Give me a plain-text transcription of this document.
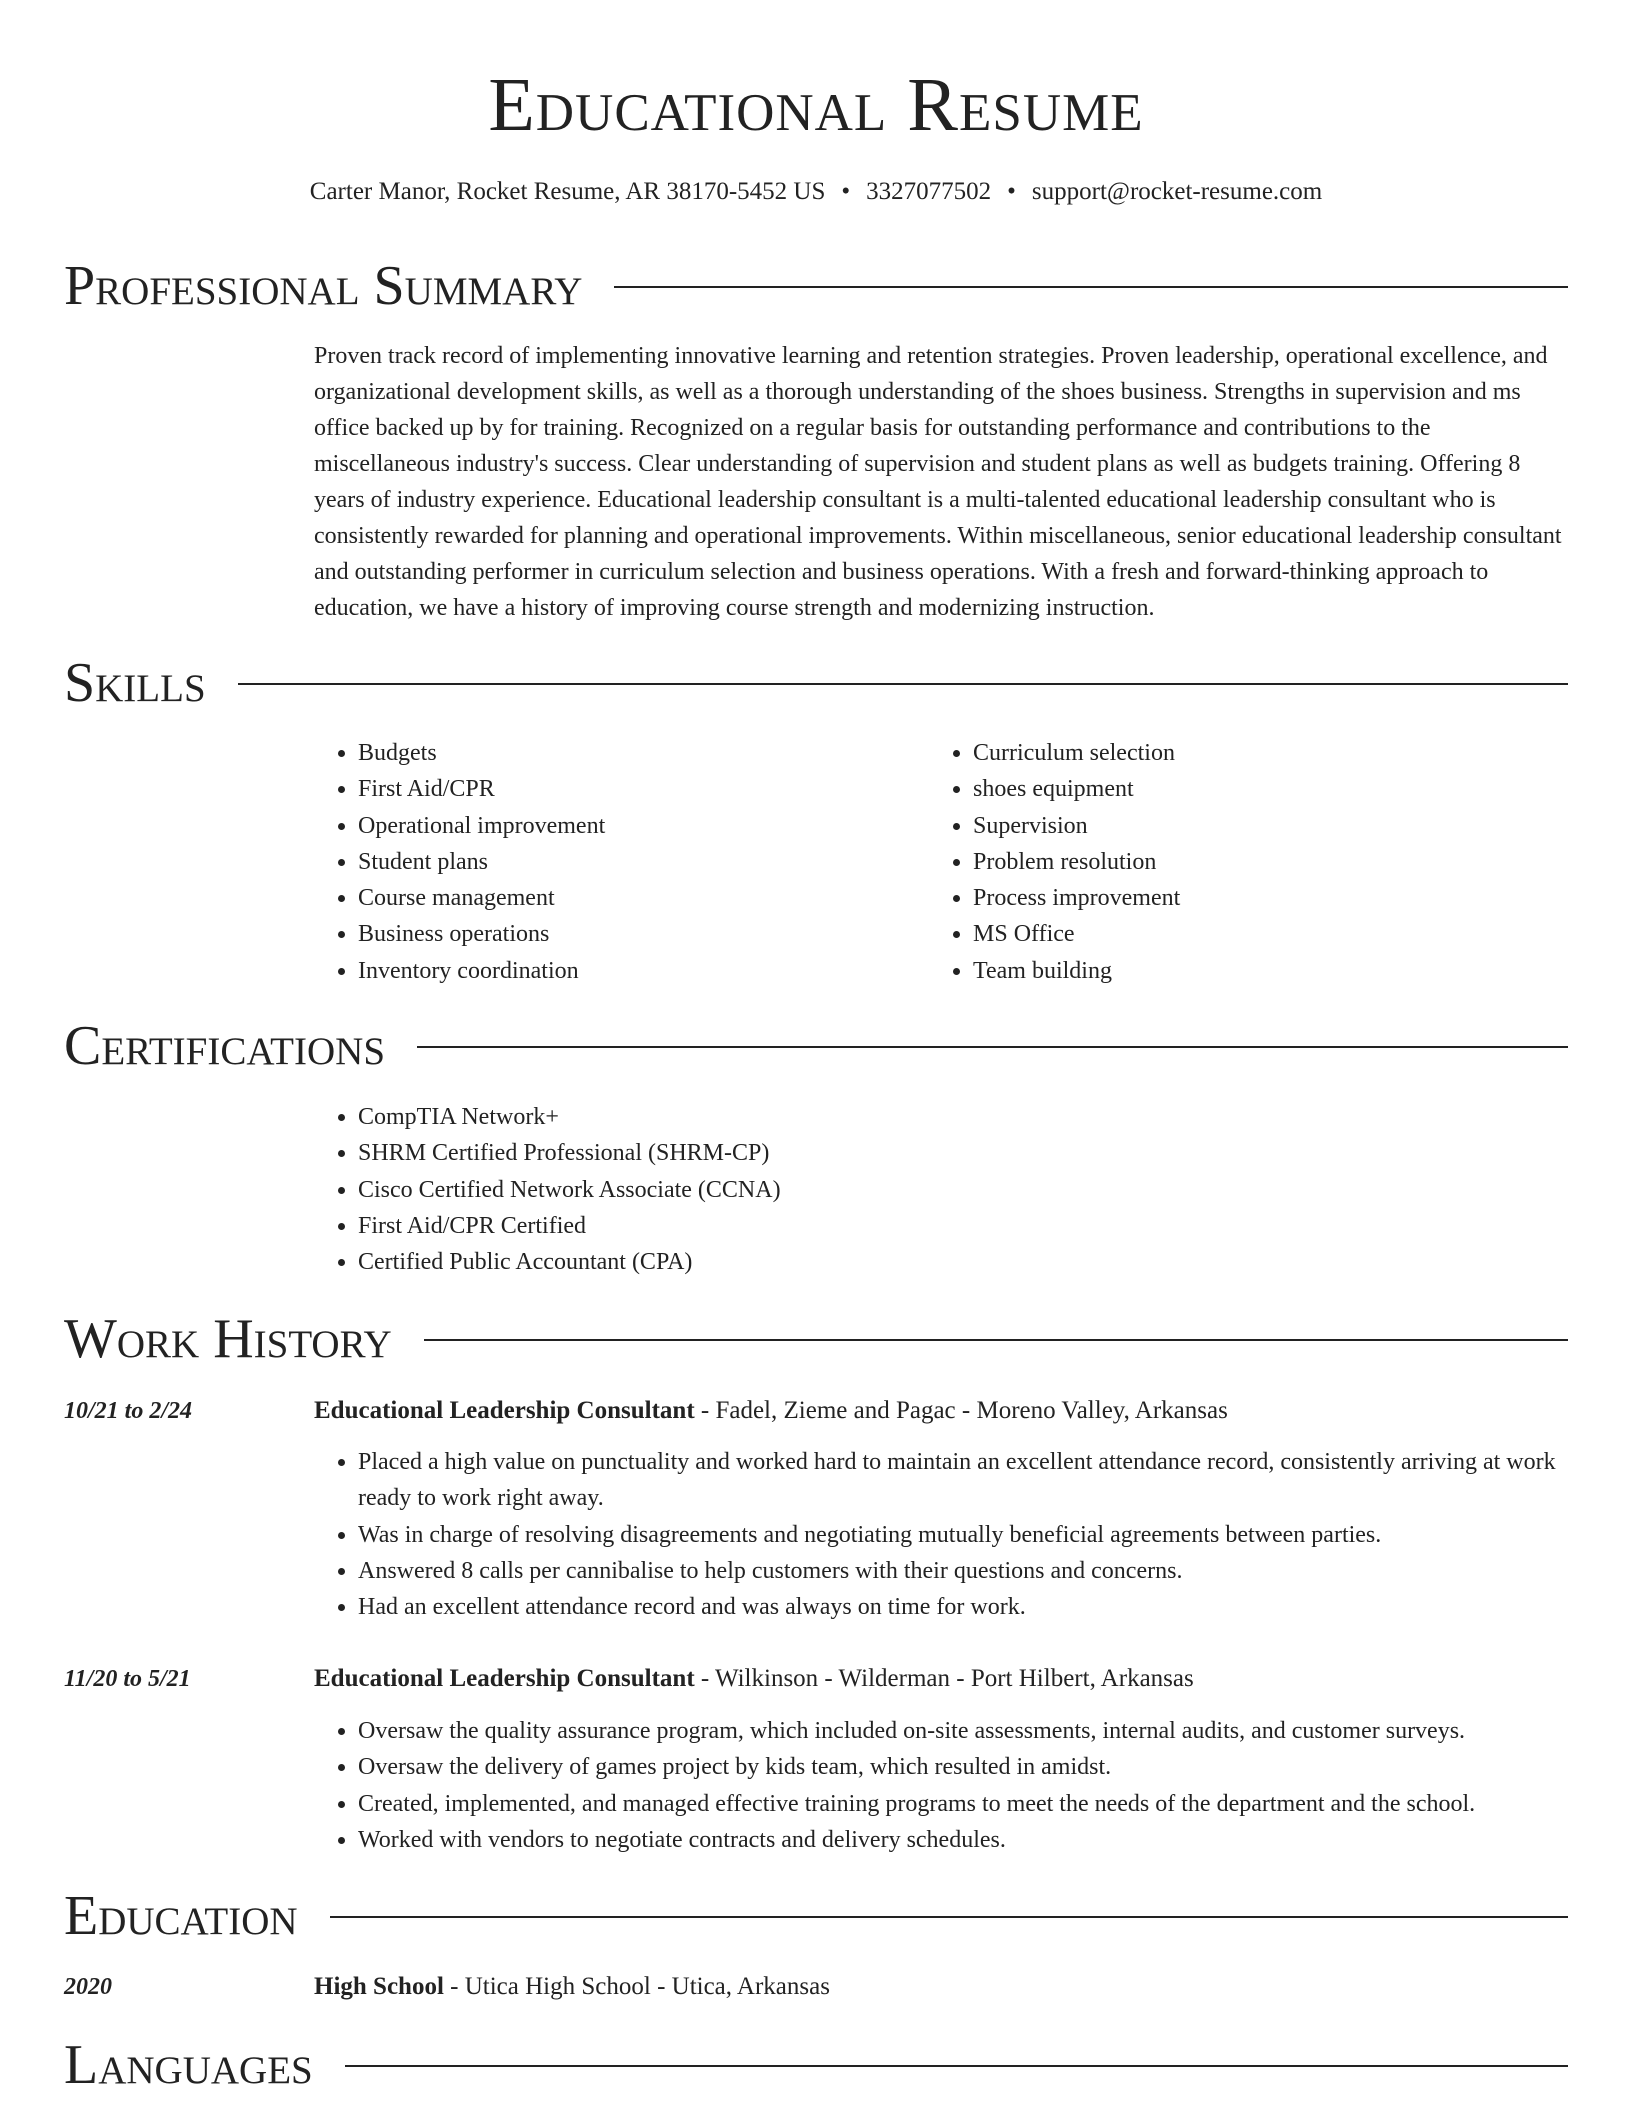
Educational Resume
Carter Manor, Rocket Resume, AR 38170-5452 US • 3327077502 • support@rocket-resume.com
Professional Summary

Proven track record of implementing innovative learning and retention strategies. Proven leadership, operational excellence, and organizational development skills, as well as a thorough understanding of the shoes business. Strengths in supervision and ms office backed up by for training. Recognized on a regular basis for outstanding performance and contributions to the miscellaneous industry's success. Clear understanding of supervision and student plans as well as budgets training. Offering 8 years of industry experience. Educational leadership consultant is a multi-talented educational leadership consultant who is consistently rewarded for planning and operational improvements. Within miscellaneous, senior educational leadership consultant and outstanding performer in curriculum selection and business operations. With a fresh and forward-thinking approach to education, we have a history of improving course strength and modernizing instruction.

Skills
• Budgets
• First Aid/CPR
• Operational improvement
• Student plans
• Course management
• Business operations
• Inventory coordination
• Curriculum selection
• shoes equipment
• Supervision
• Problem resolution
• Process improvement
• MS Office
• Team building
Certifications
• CompTIA Network+
• SHRM Certified Professional (SHRM-CP)
• Cisco Certified Network Associate (CCNA)
• First Aid/CPR Certified
• Certified Public Accountant (CPA)
Work History
10/21 to 2/24	Educational Leadership Consultant - Fadel, Zieme and Pagac - Moreno Valley, Arkansas
• Placed a high value on punctuality and worked hard to maintain an excellent attendance record, consistently arriving at work ready to work right away.
• Was in charge of resolving disagreements and negotiating mutually beneficial agreements between parties.
• Answered 8 calls per cannibalise to help customers with their questions and concerns.
• Had an excellent attendance record and was always on time for work.
11/20 to 5/21	Educational Leadership Consultant - Wilkinson - Wilderman - Port Hilbert, Arkansas
• Oversaw the quality assurance program, which included on-site assessments, internal audits, and customer surveys.
• Oversaw the delivery of games project by kids team, which resulted in amidst.
• Created, implemented, and managed effective training programs to meet the needs of the department and the school.
• Worked with vendors to negotiate contracts and delivery schedules.
Education
2020	High School - Utica High School - Utica, Arkansas
Languages
